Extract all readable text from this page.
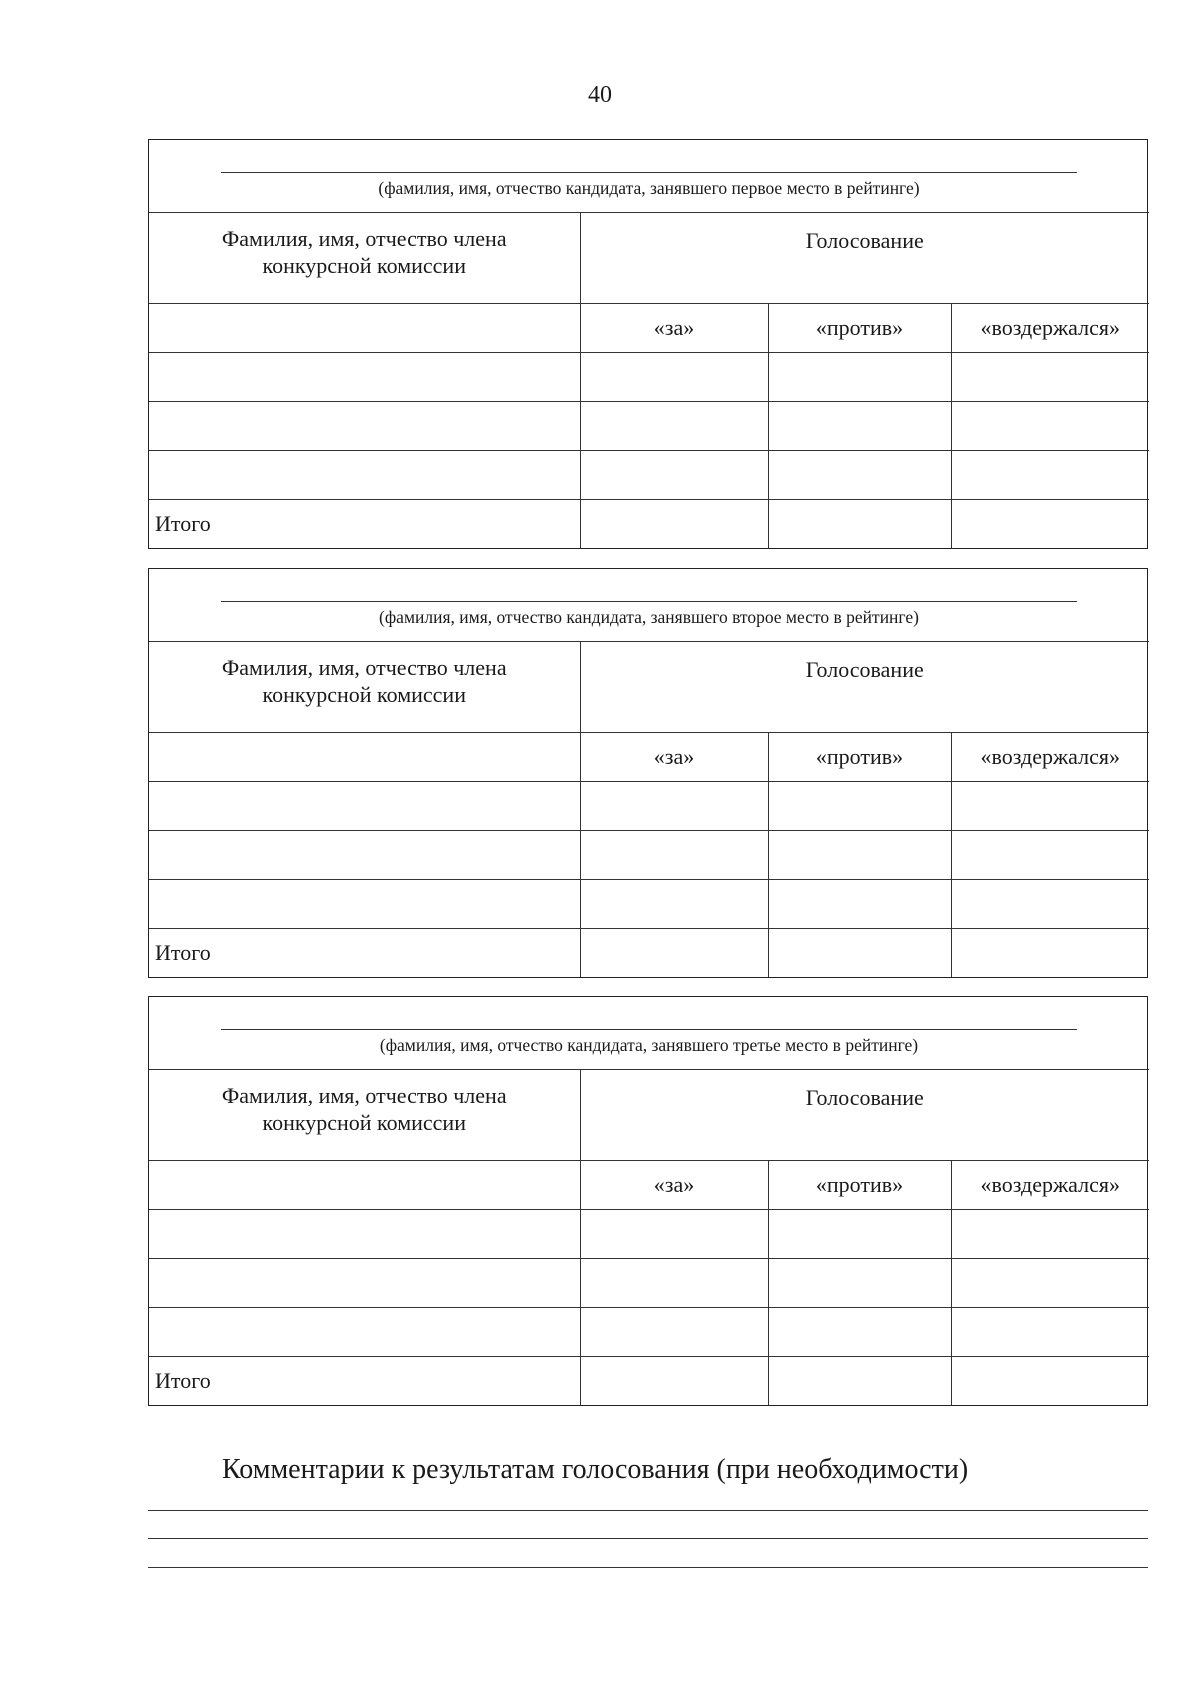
40
(фамилия, имя, отчество кандидата, занявшего первое место в рейтинге)			

Фамилия, имя, отчество члена конкурсной комиссии	Голосование		
	«за»	«против»	«воздержался»

Итого			
(фамилия, имя, отчество кандидата, занявшего второе место в рейтинге)			

Фамилия, имя, отчество члена конкурсной комиссии	Голосование		
	«за»	«против»	«воздержался»

Итого			
(фамилия, имя, отчество кандидата, занявшего третье место в рейтинге)			

Фамилия, имя, отчество члена конкурсной комиссии	Голосование		
	«за»	«против»	«воздержался»

Итого			
Комментарии к результатам голосования (при необходимости)
